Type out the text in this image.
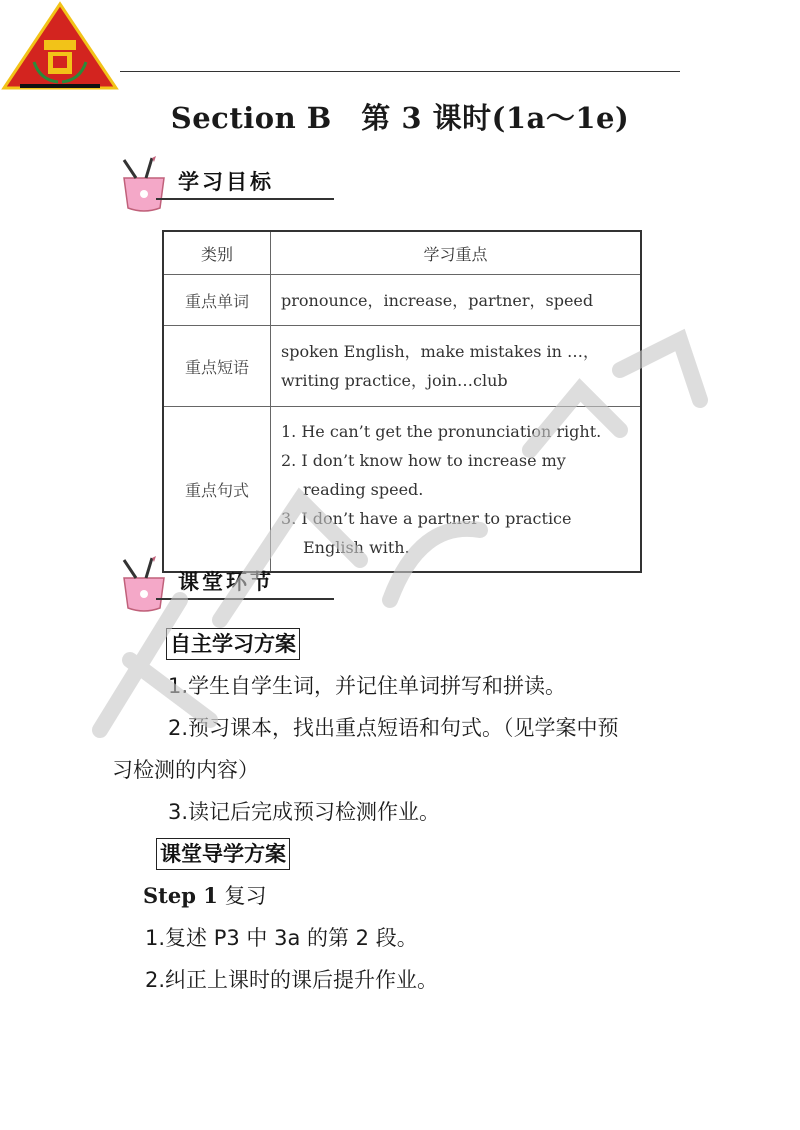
Section B　第 3 课时(1a～1e)
学习目标
类别	学习重点
重点单词	pronounce，increase，partner，speed
重点短语	spoken English，make mistakes in …，writing practice，join…club
重点句式	1. He can’t get the pronunciation right.
2. I don’t know how to increase my reading speed.
3. I don’t have a partner to practice English with.
课堂环节
自主学习方案
1.学生自学生词，并记住单词拼写和拼读。
2.预习课本，找出重点短语和句式。（见学案中预
习检测的内容）
3.读记后完成预习检测作业。
课堂导学方案
Step 1 复习
1.复述 P3 中 3a 的第 2 段。
2.纠正上课时的课后提升作业。
